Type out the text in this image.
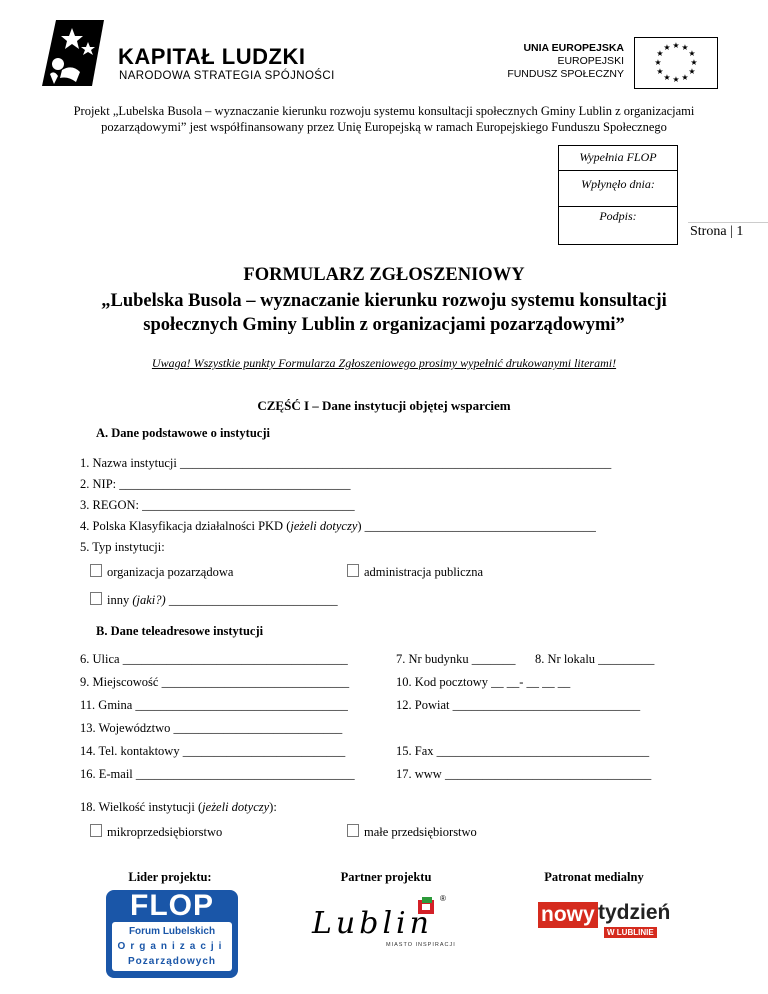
KAPITAŁ LUDZKI
NARODOWA STRATEGIA SPÓJNOŚCI
UNIA EUROPEJSKA
EUROPEJSKI
FUNDUSZ SPOŁECZNY
★ ★
★
★
★
★
★
★
★
★
★
★
Projekt „Lubelska Busola – wyznaczanie kierunku rozwoju systemu konsultacji społecznych Gminy Lublin z organizacjami pozarządowymi” jest współfinansowany przez Unię Europejską w ramach Europejskiego Funduszu Społecznego
Wypełnia FLOP
Wpłynęło dnia:
Podpis:
Strona | 1
FORMULARZ ZGŁOSZENIOWY
„Lubelska Busola – wyznaczanie kierunku rozwoju systemu konsultacji
społecznych Gminy Lublin z organizacjami pozarządowymi”
Uwaga! Wszystkie punkty Formularza Zgłoszeniowego prosimy wypełnić drukowanymi literami!
CZĘŚĆ I – Dane instytucji objętej wsparciem
A. Dane podstawowe o instytucji
1. Nazwa instytucji _____________________________________________________________________
2. NIP: _____________________________________
3. REGON: __________________________________
4. Polska Klasyfikacja działalności PKD (jeżeli dotyczy) _____________________________________
5. Typ instytucji:
organizacja pozarządowa	administracja publiczna
inny (jaki?) ___________________________
B. Dane teleadresowe instytucji
6. Ulica ____________________________________	7. Nr budynku _______ 8. Nr lokalu _________
9. Miejscowość ______________________________	10. Kod pocztowy __ __- __ __ __
11. Gmina __________________________________	12. Powiat ______________________________
13. Województwo ___________________________
14. Tel. kontaktowy __________________________	15. Fax __________________________________
16. E-mail ___________________________________	17. www _________________________________
18. Wielkość instytucji (jeżeli dotyczy):
mikroprzedsiębiorstwo	małe przedsiębiorstwo
Lider projektu:	Partner projektu	Patronat medialny
FLOP
Forum Lubelskich
Organizacji
Pozarządowych
®
Lublin
MIASTO INSPIRACJI
nowy tydzień
W LUBLINIE
